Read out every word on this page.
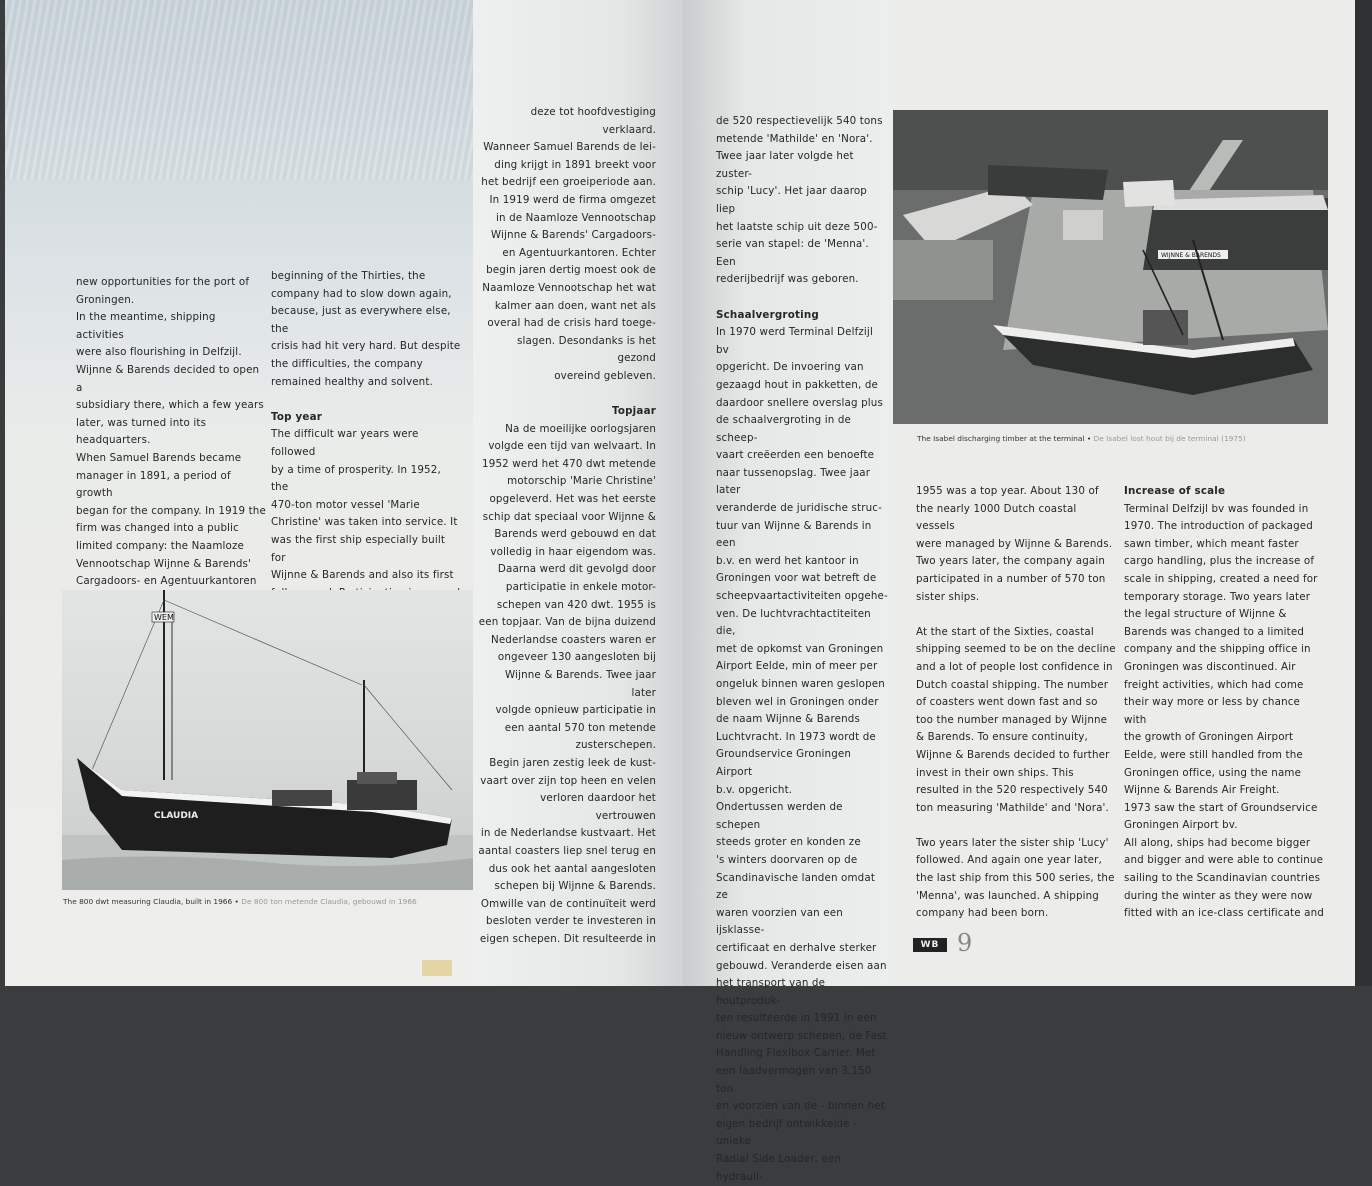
new opportunities for the port of

Groningen.

In the meantime, shipping activities

were also flourishing in Delfzijl.

Wijnne & Barends decided to open a

subsidiary there, which a few years

later, was turned into its headquarters.

When Samuel Barends became

manager in 1891, a period of growth

began for the company. In 1919 the

firm was changed into a public

limited company: the Naamloze

Vennootschap Wijnne & Barends'

Cargadoors- en Agentuurkantoren

beginning of the Thirties, the

company had to slow down again,

because, just as everywhere else, the

crisis had hit very hard. But despite

the difficulties, the company

remained healthy and solvent.

Top year

The difficult war years were followed

by a time of prosperity. In 1952, the

470-ton motor vessel 'Marie

Christine' was taken into service. It

was the first ship especially built for

Wijnne & Barends and also its first

WEM
CLAUDIA
The 800 dwt measuring Claudia, built in 1966 • De 800 ton metende Claudia, gebouwd in 1966

deze tot hoofdvestiging

verklaard.

Wanneer Samuel Barends de lei-

ding krijgt in 1891 breekt voor

het bedrijf een groeiperiode aan.

In 1919 werd de firma omgezet

in de Naamloze Vennootschap

Wijnne & Barends' Cargadoors-

en Agentuurkantoren. Echter

begin jaren dertig moest ook de

Naamloze Vennootschap het wat

kalmer aan doen, want net als

overal had de crisis hard toege-

slagen. Desondanks is het gezond

overeind gebleven.

Topjaar

Na de moeilijke oorlogsjaren

volgde een tijd van welvaart. In

1952 werd het 470 dwt metende

motorschip 'Marie Christine'

opgeleverd. Het was het eerste

schip dat speciaal voor Wijnne &

Barends werd gebouwd en dat

volledig in haar eigendom was.

Daarna werd dit gevolgd door

participatie in enkele motor-

schepen van 420 dwt. 1955 is

een topjaar. Van de bijna duizend

Nederlandse coasters waren er

ongeveer 130 aangesloten bij

Wijnne & Barends. Twee jaar later

volgde opnieuw participatie in

een aantal 570 ton metende

zusterschepen.

Begin jaren zestig leek de kust-

vaart over zijn top heen en velen

verloren daardoor het vertrouwen

in de Nederlandse kustvaart. Het

aantal coasters liep snel terug en

dus ook het aantal aangesloten

schepen bij Wijnne & Barends.

Omwille van de continuïteit werd

besloten verder te investeren in

eigen schepen. Dit resulteerde in

de 520 respectievelijk 540 tons

metende 'Mathilde' en 'Nora'.

Twee jaar later volgde het zuster-

schip 'Lucy'. Het jaar daarop liep

het laatste schip uit deze 500-

serie van stapel: de 'Menna'. Een

rederijbedrijf was geboren.

Schaalvergroting

In 1970 werd Terminal Delfzijl bv

opgericht. De invoering van

gezaagd hout in pakketten, de

daardoor snellere overslag plus

de schaalvergroting in de scheep-

vaart creëerden een benoefte

naar tussenopslag. Twee jaar later

veranderde de juridische struc-

tuur van Wijnne & Barends in een

b.v. en werd het kantoor in

Groningen voor wat betreft de

scheepvaartactiviteiten opgehe-

ven. De luchtvrachtactiteiten die,

met de opkomst van Groningen

Airport Eelde, min of meer per

ongeluk binnen waren geslopen

bleven wel in Groningen onder

de naam Wijnne & Barends

Luchtvracht. In 1973 wordt de

Groundservice Groningen Airport

b.v. opgericht.

Ondertussen werden de schepen

steeds groter en konden ze

's winters doorvaren op de

Scandinavische landen omdat ze

waren voorzien van een ijsklasse-

certificaat en derhalve sterker

gebouwd. Veranderde eisen aan

het transport van de houtproduk-

ten resulteerde in 1991 in een

nieuw ontwerp schepen, de Fast

Handling Flexibox Carrier. Met

een laadvermogen van 3.150 ton

en voorzien van de - binnen het

eigen bedrijf ontwikkelde - unieke

Radial Side Loader, een hydrauli-

WIJNNE & BARENDS
The Isabel discharging timber at the terminal • De Isabel lost hout bij de terminal (1975)

1955 was a top year. About 130 of

the nearly 1000 Dutch coastal vessels

were managed by Wijnne & Barends.

Two years later, the company again

participated in a number of 570 ton

sister ships.

At the start of the Sixties, coastal

shipping seemed to be on the decline

and a lot of people lost confidence in

Dutch coastal shipping. The number

of coasters went down fast and so

too the number managed by Wijnne

& Barends. To ensure continuity,

Wijnne & Barends decided to further

invest in their own ships. This

resulted in the 520 respectively 540

ton measuring 'Mathilde' and 'Nora'.

Two years later the sister ship 'Lucy'

followed. And again one year later,

the last ship from this 500 series, the

'Menna', was launched. A shipping

company had been born.

Increase of scale

Terminal Delfzijl bv was founded in

1970. The introduction of packaged

sawn timber, which meant faster

cargo handling, plus the increase of

scale in shipping, created a need for

temporary storage. Two years later

the legal structure of Wijnne &

Barends was changed to a limited

company and the shipping office in

Groningen was discontinued. Air

freight activities, which had come

their way more or less by chance with

the growth of Groningen Airport

Eelde, were still handled from the

Groningen office, using the name

Wijnne & Barends Air Freight.

1973 saw the start of Groundservice

Groningen Airport bv.

All along, ships had become bigger

and bigger and were able to continue

sailing to the Scandinavian countries

during the winter as they were now

fitted with an ice-class certificate and

WB 9
